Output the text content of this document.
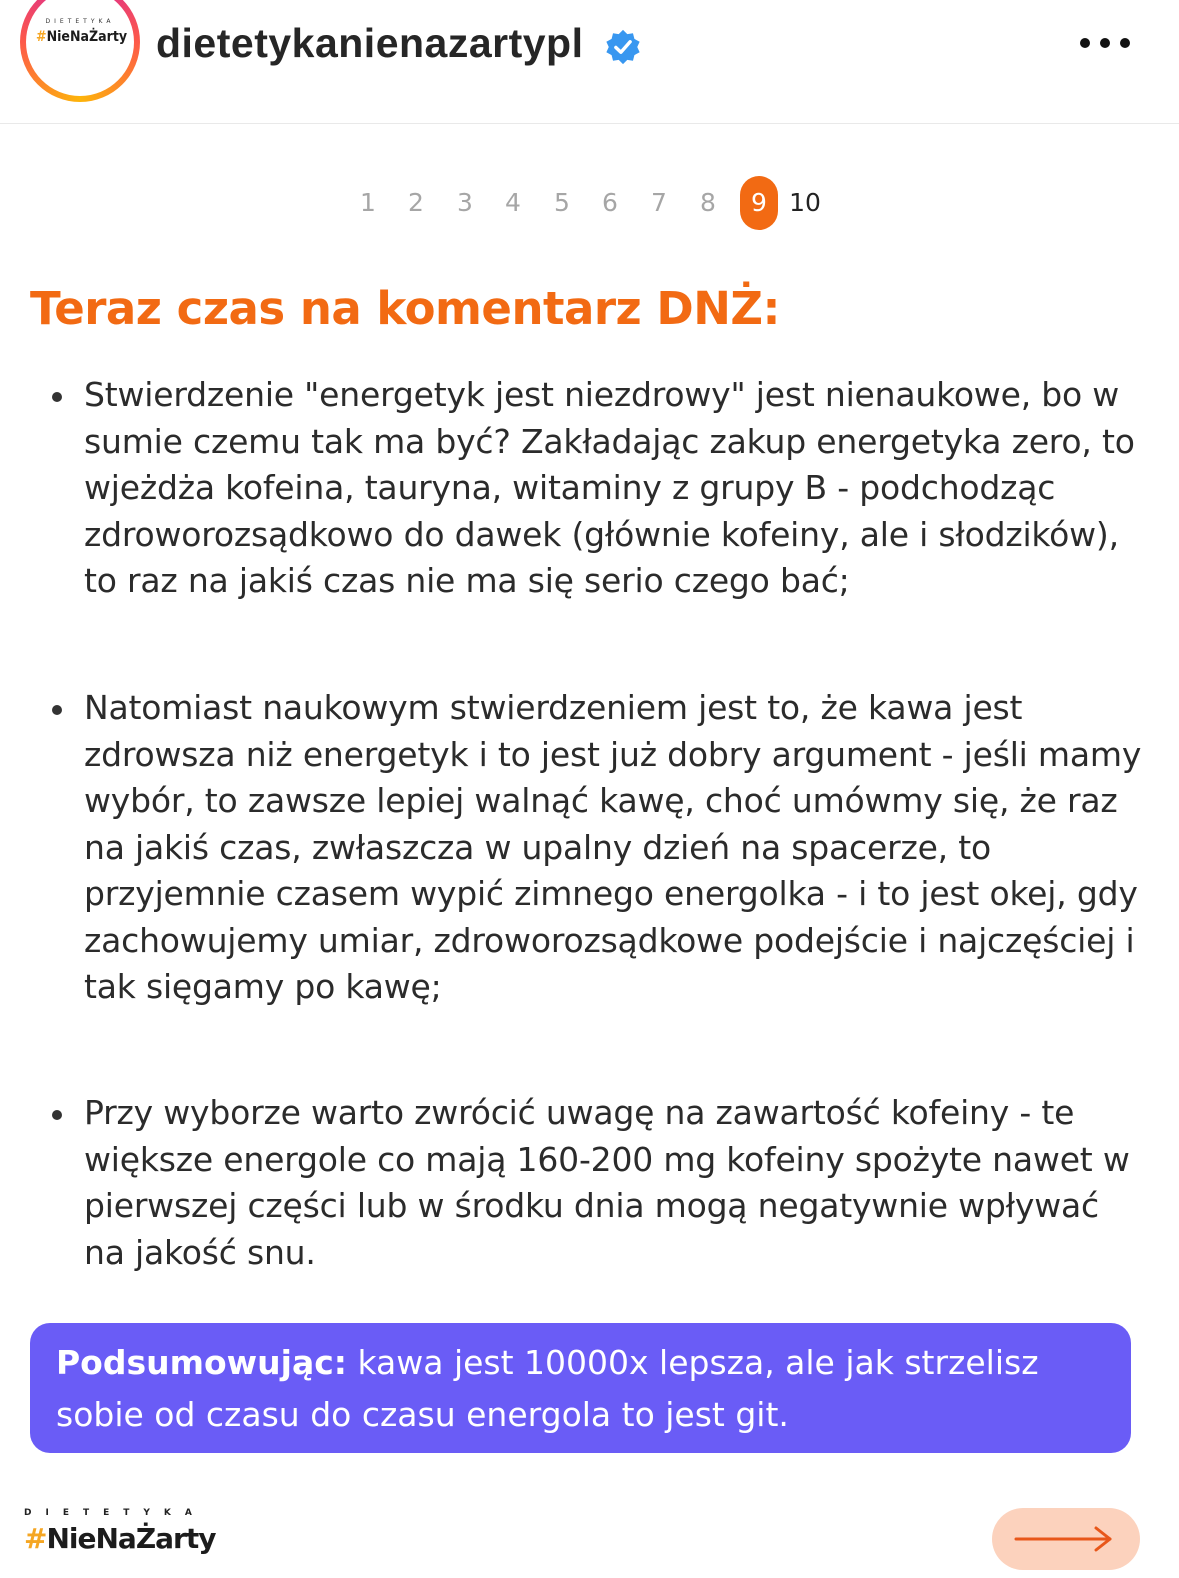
DIETETYKA
#NieNaŻarty dietetykanienazartypl
1	2	3	4	5	6	7	8	9 10
Teraz czas na komentarz DNŻ:
Stwierdzenie "energetyk jest niezdrowy" jest nienaukowe, bo w sumie czemu tak ma być? Zakładając zakup energetyka zero, to wjeżdża kofeina, tauryna, witaminy z grupy B - podchodząc zdroworozsądkowo do dawek (głównie kofeiny, ale i słodzików), to raz na jakiś czas nie ma się serio czego bać;
Natomiast naukowym stwierdzeniem jest to, że kawa jest zdrowsza niż energetyk i to jest już dobry argument - jeśli mamy wybór, to zawsze lepiej walnąć kawę, choć umówmy się, że raz na jakiś czas, zwłaszcza w upalny dzień na spacerze, to przyjemnie czasem wypić zimnego energolka - i to jest okej, gdy zachowujemy umiar, zdroworozsądkowe podejście i najczęściej i tak sięgamy po kawę;
Przy wyborze warto zwrócić uwagę na zawartość kofeiny - te większe energole co mają 160-200 mg kofeiny spożyte nawet w pierwszej części lub w środku dnia mogą negatywnie wpływać na jakość snu.

Podsumowując: kawa jest 10000x lepsza, ale jak strzelisz sobie od czasu do czasu energola to jest git.

DIETETYKA
#NieNaŻarty
